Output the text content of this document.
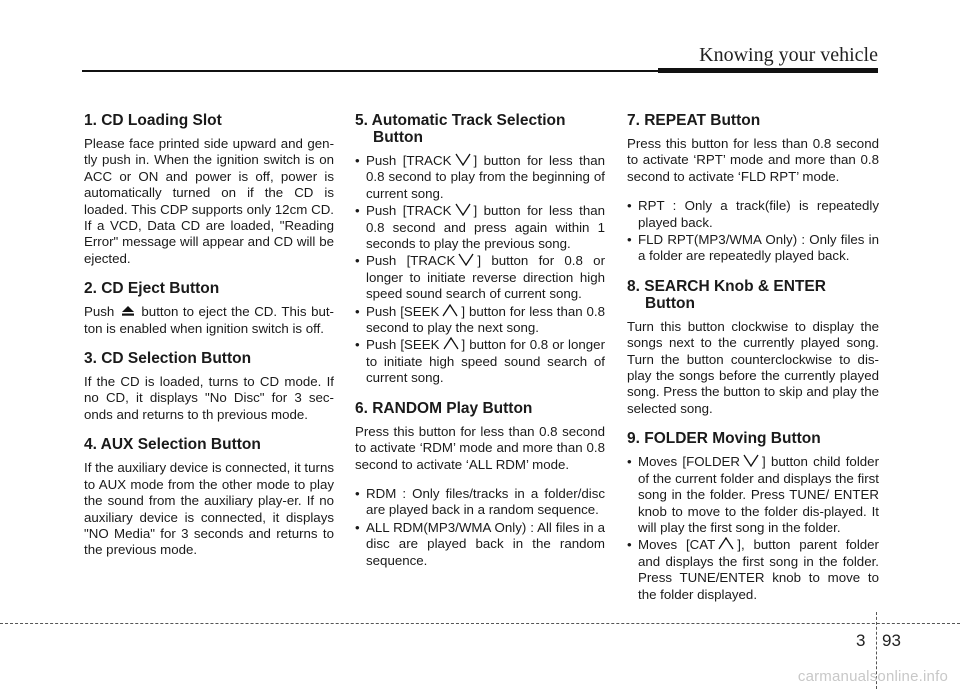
Knowing your vehicle
1. CD Loading Slot

Please face printed side upward and gen-tly push in. When the ignition switch is on ACC or ON and power is off, power is automatically turned on if the CD is loaded. This CDP supports only 12cm CD. If a VCD, Data CD are loaded, "Reading Error" message will appear and CD will be ejected.

2. CD Eject Button

Push button to eject the CD. This but-ton is enabled when ignition switch is off.

3. CD Selection Button

If the CD is loaded, turns to CD mode. If no CD, it displays "No Disc" for 3 sec-onds and returns to th previous mode.

4. AUX Selection Button

If the auxiliary device is connected, it turns to AUX mode from the other mode to play the sound from the auxiliary play-er. If no auxiliary device is connected, it displays "NO Media" for 3 seconds and returns to the previous mode.

5. Automatic Track Selection
Button
• Push [TRACK ] button for less than 0.8 second to play from the beginning of current song.
• Push [TRACK ] button for less than 0.8 second and press again within 1 seconds to play the previous song.
• Push [TRACK ] button for 0.8 or longer to initiate reverse direction high speed sound search of current song.
• Push [SEEK ] button for less than 0.8 second to play the next song.
• Push [SEEK ] button for 0.8 or longer to initiate high speed sound search of current song.
6. RANDOM Play Button

Press this button for less than 0.8 second to activate ‘RDM’ mode and more than 0.8 second to activate ‘ALL RDM’ mode.

• RDM : Only files/tracks in a folder/disc are played back in a random sequence.
• ALL RDM(MP3/WMA Only) : All files in a disc are played back in the random sequence.
7. REPEAT Button

Press this button for less than 0.8 second to activate ‘RPT’ mode and more than 0.8 second to activate ‘FLD RPT’ mode.

• RPT : Only a track(file) is repeatedly played back.
• FLD RPT(MP3/WMA Only) : Only files in a folder are repeatedly played back.
8. SEARCH Knob & ENTER
Button

Turn this button clockwise to display the songs next to the currently played song. Turn the button counterclockwise to dis-play the songs before the currently played song. Press the button to skip and play the selected song.

9. FOLDER Moving Button
• Moves [FOLDER ] button child folder of the current folder and displays the first song in the folder. Press TUNE/ ENTER knob to move to the folder dis-played. It will play the first song in the folder.
• Moves [CAT ], button parent folder and displays the first song in the folder. Press TUNE/ENTER knob to move to the folder displayed.
3 93
carmanualsonline.info
